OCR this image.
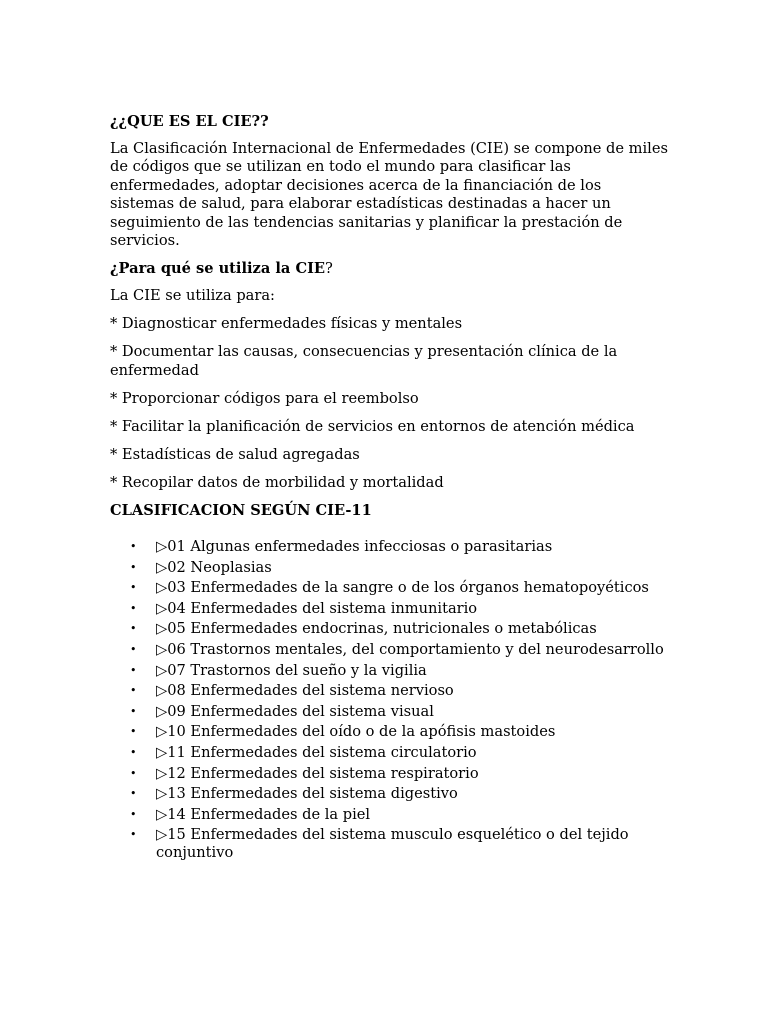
¿¿QUE ES EL CIE??

La Clasificación Internacional de Enfermedades (CIE) se compone de miles de códigos que se utilizan en todo el mundo para clasificar las enfermedades, adoptar decisiones acerca de la financiación de los sistemas de salud, para elaborar estadísticas destinadas a hacer un seguimiento de las tendencias sanitarias y planificar la prestación de servicios.

¿Para qué se utiliza la CIE?

La CIE se utiliza para:

* Diagnosticar enfermedades físicas y mentales

* Documentar las causas, consecuencias y presentación clínica de la enfermedad

* Proporcionar códigos para el reembolso

* Facilitar la planificación de servicios en entornos de atención médica

* Estadísticas de salud agregadas

* Recopilar datos de morbilidad y mortalidad

CLASIFICACION SEGÚN CIE-11

• ▷01 Algunas enfermedades infecciosas o parasitarias
• ▷02 Neoplasias
• ▷03 Enfermedades de la sangre o de los órganos hematopoyéticos
• ▷04 Enfermedades del sistema inmunitario
• ▷05 Enfermedades endocrinas, nutricionales o metabólicas
• ▷06 Trastornos mentales, del comportamiento y del neurodesarrollo
• ▷07 Trastornos del sueño y la vigilia
• ▷08 Enfermedades del sistema nervioso
• ▷09 Enfermedades del sistema visual
• ▷10 Enfermedades del oído o de la apófisis mastoides
• ▷11 Enfermedades del sistema circulatorio
• ▷12 Enfermedades del sistema respiratorio
• ▷13 Enfermedades del sistema digestivo
• ▷14 Enfermedades de la piel
• ▷15 Enfermedades del sistema musculo esquelético o del tejido conjuntivo
